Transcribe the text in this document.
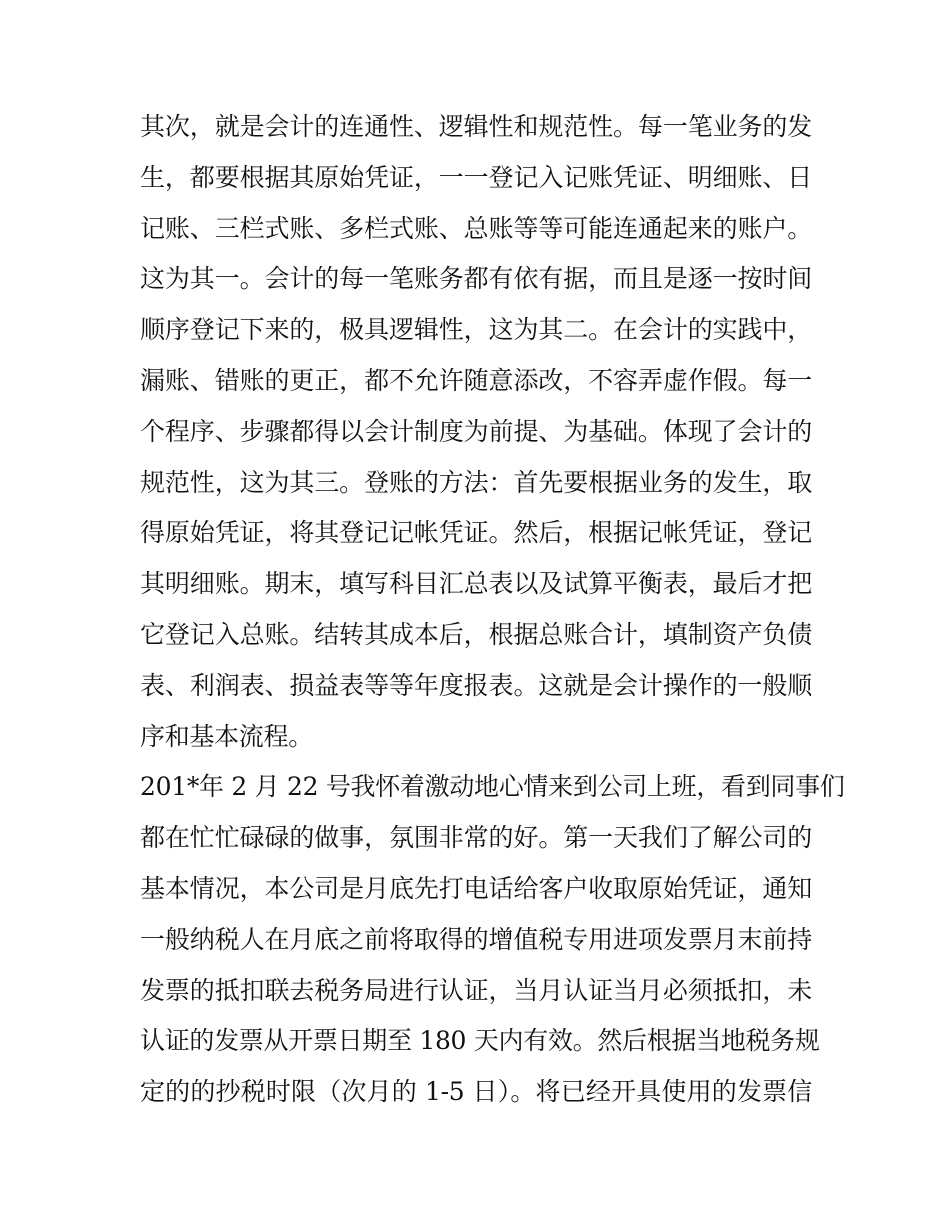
其次，就是会计的连通性、逻辑性和规范性。每一笔业务的发
生，都要根据其原始凭证，一一登记入记账凭证、明细账、日
记账、三栏式账、多栏式账、总账等等可能连通起来的账户。
这为其一。会计的每一笔账务都有依有据，而且是逐一按时间
顺序登记下来的，极具逻辑性，这为其二。在会计的实践中，
漏账、错账的更正，都不允许随意添改，不容弄虚作假。每一
个程序、步骤都得以会计制度为前提、为基础。体现了会计的
规范性，这为其三。登账的方法：首先要根据业务的发生，取
得原始凭证，将其登记记帐凭证。然后，根据记帐凭证，登记
其明细账。期末，填写科目汇总表以及试算平衡表，最后才把
它登记入总账。结转其成本后，根据总账合计，填制资产负债
表、利润表、损益表等等年度报表。这就是会计操作的一般顺
序和基本流程。
201*年 2 月 22 号我怀着激动地心情来到公司上班，看到同事们
都在忙忙碌碌的做事，氛围非常的好。第一天我们了解公司的
基本情况，本公司是月底先打电话给客户收取原始凭证，通知
一般纳税人在月底之前将取得的增值税专用进项发票月末前持
发票的抵扣联去税务局进行认证，当月认证当月必须抵扣，未
认证的发票从开票日期至 180 天内有效。然后根据当地税务规
定的的抄税时限（次月的 1-5 日）。将已经开具使用的发票信
